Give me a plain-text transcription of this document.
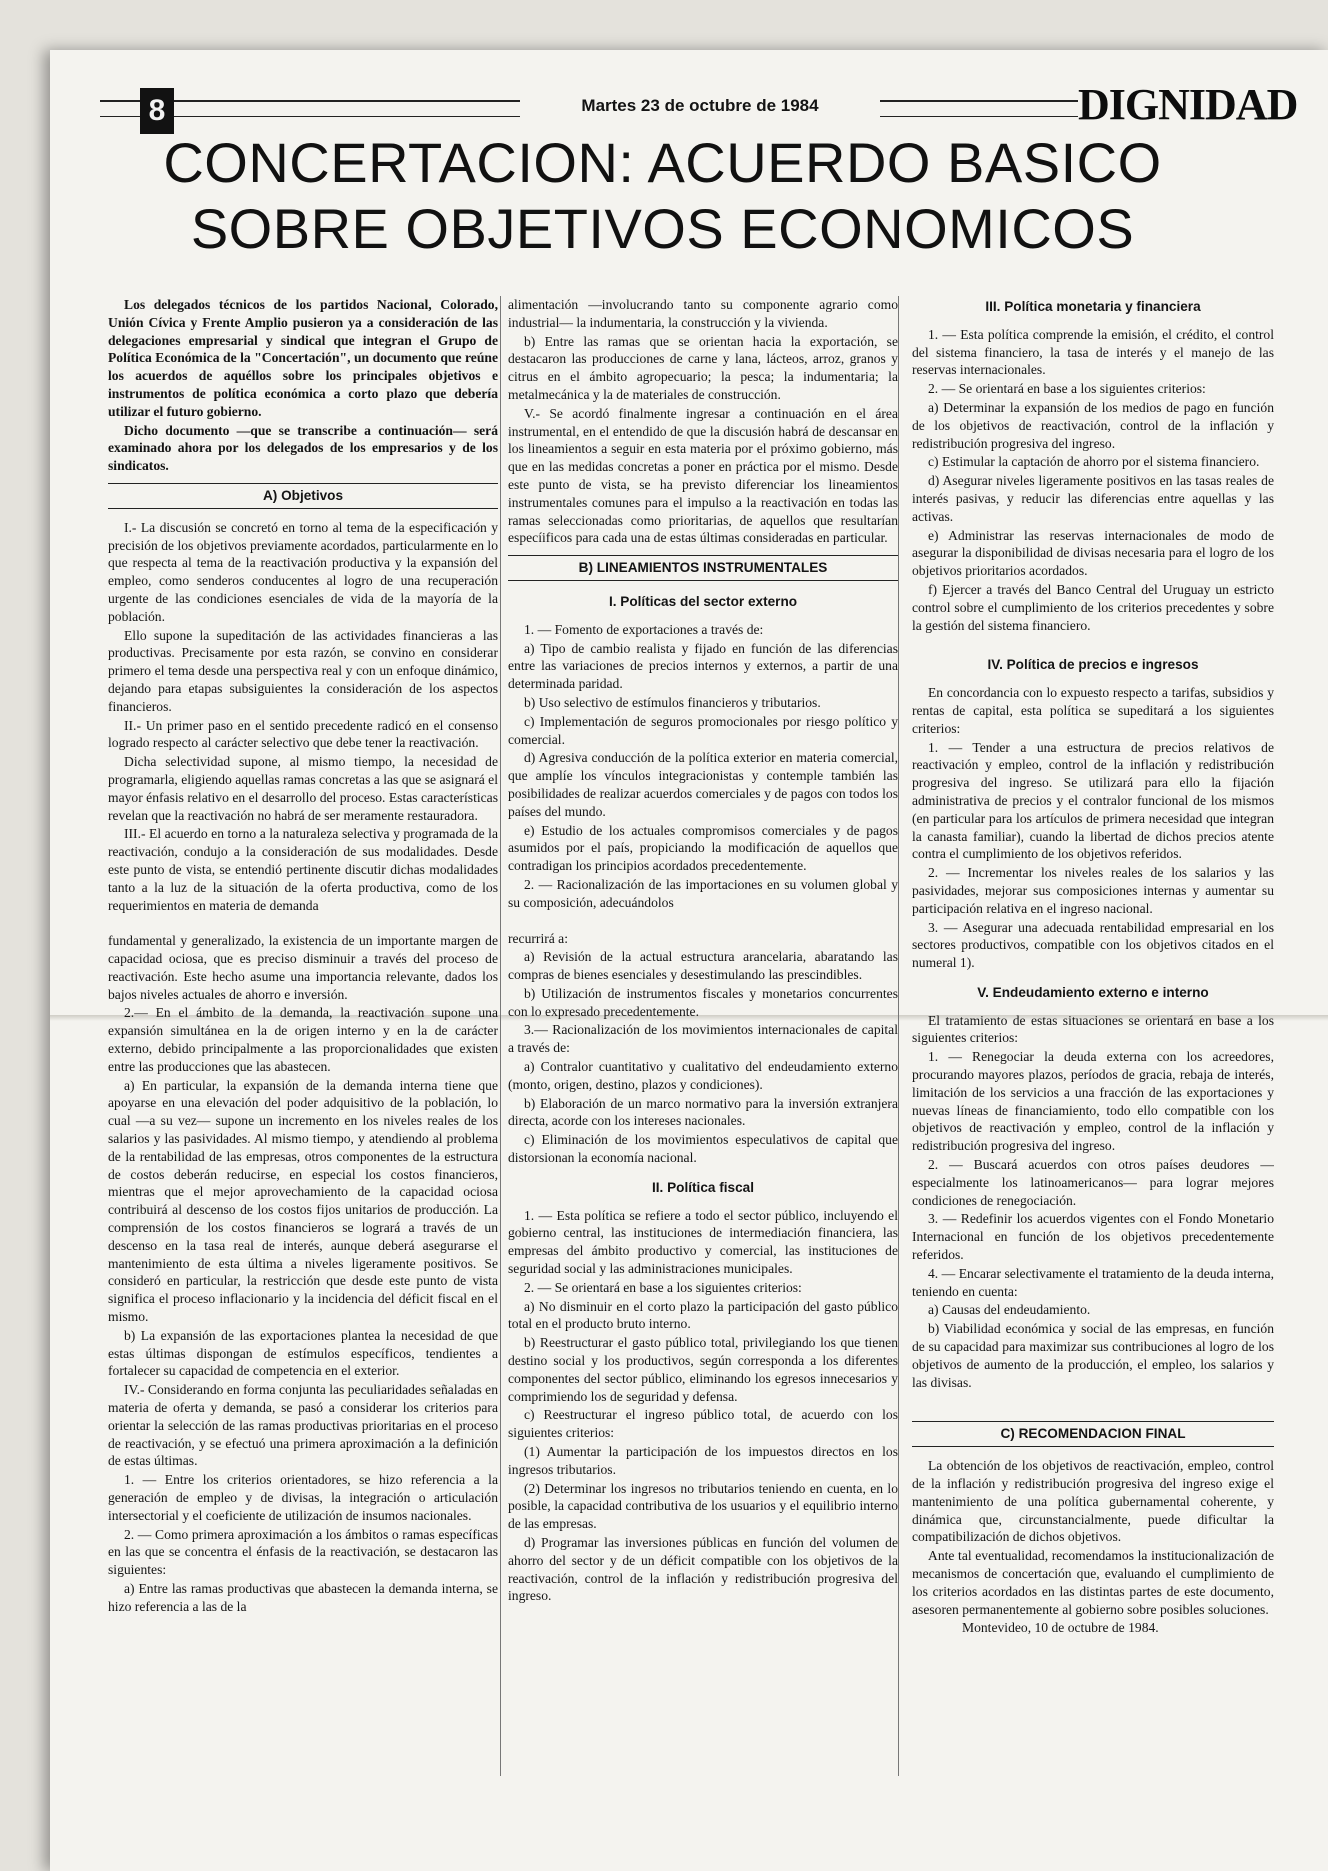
8	Martes 23 de octubre de 1984	DIGNIDAD
CONCERTACION: ACUERDO BASICO
SOBRE OBJETIVOS ECONOMICOS

Los delegados técnicos de los partidos Nacional, Colorado, Unión Cívica y Frente Amplio pusieron ya a consideración de las delegaciones empresarial y sindical que integran el Grupo de Política Económica de la "Concertación", un documento que reúne los acuerdos de aquéllos sobre los principales objetivos e instrumentos de política económica a corto plazo que debería utilizar el futuro gobierno.

Dicho documento —que se transcribe a continuación— será examinado ahora por los delegados de los empresarios y de los sindicatos.

A) Objetivos

I.- La discusión se concretó en torno al tema de la especificación y precisión de los objetivos previamente acordados, particularmente en lo que respecta al tema de la reactivación productiva y la expansión del empleo, como senderos conducentes al logro de una recuperación urgente de las condiciones esenciales de vida de la mayoría de la población.

Ello supone la supeditación de las actividades financieras a las productivas. Precisamente por esta razón, se convino en considerar primero el tema desde una perspectiva real y con un enfoque dinámico, dejando para etapas subsiguientes la consideración de los aspectos financieros.

II.- Un primer paso en el sentido precedente radicó en el consenso logrado respecto al carácter selectivo que debe tener la reactivación.

Dicha selectividad supone, al mismo tiempo, la necesidad de programarla, eligiendo aquellas ramas concretas a las que se asignará el mayor énfasis relativo en el desarrollo del proceso. Estas características revelan que la reactivación no habrá de ser meramente restauradora.

III.- El acuerdo en torno a la naturaleza selectiva y programada de la reactivación, condujo a la consideración de sus modalidades. Desde este punto de vista, se entendió pertinente discutir dichas modalidades tanto a la luz de la situación de la oferta productiva, como de los requerimientos en materia de demanda

fundamental y generalizado, la existencia de un importante margen de capacidad ociosa, que es preciso disminuir a través del proceso de reactivación. Este hecho asume una importancia relevante, dados los bajos niveles actuales de ahorro e inversión.

2.— En el ámbito de la demanda, la reactivación supone una expansión simultánea en la de origen interno y en la de carácter externo, debido principalmente a las proporcionalidades que existen entre las producciones que las abastecen.

a) En particular, la expansión de la demanda interna tiene que apoyarse en una elevación del poder adquisitivo de la población, lo cual —a su vez— supone un incremento en los niveles reales de los salarios y las pasividades. Al mismo tiempo, y atendiendo al problema de la rentabilidad de las empresas, otros componentes de la estructura de costos deberán reducirse, en especial los costos financieros, mientras que el mejor aprovechamiento de la capacidad ociosa contribuirá al descenso de los costos fijos unitarios de producción. La comprensión de los costos financieros se logrará a través de un descenso en la tasa real de interés, aunque deberá asegurarse el mantenimiento de esta última a niveles ligeramente positivos. Se consideró en particular, la restricción que desde este punto de vista significa el proceso inflacionario y la incidencia del déficit fiscal en el mismo.

b) La expansión de las exportaciones plantea la necesidad de que estas últimas dispongan de estímulos específicos, tendientes a fortalecer su capacidad de competencia en el exterior.

IV.- Considerando en forma conjunta las peculiaridades señaladas en materia de oferta y demanda, se pasó a considerar los criterios para orientar la selección de las ramas productivas prioritarias en el proceso de reactivación, y se efectuó una primera aproximación a la definición de estas últimas.

1. — Entre los criterios orientadores, se hizo referencia a la generación de empleo y de divisas, la integración o articulación intersectorial y el coeficiente de utilización de insumos nacionales.

2. — Como primera aproximación a los ámbitos o ramas específicas en las que se concentra el énfasis de la reactivación, se destacaron las siguientes:

a) Entre las ramas productivas que abastecen la demanda interna, se hizo referencia a las de la

alimentación —involucrando tanto su componente agrario como industrial— la indumentaria, la construcción y la vivienda.

b) Entre las ramas que se orientan hacia la exportación, se destacaron las producciones de carne y lana, lácteos, arroz, granos y citrus en el ámbito agropecuario; la pesca; la indumentaria; la metalmecánica y la de materiales de construcción.

V.- Se acordó finalmente ingresar a continuación en el área instrumental, en el entendido de que la discusión habrá de descansar en los lineamientos a seguir en esta materia por el próximo gobierno, más que en las medidas concretas a poner en práctica por el mismo. Desde este punto de vista, se ha previsto diferenciar los lineamientos instrumentales comunes para el impulso a la reactivación en todas las ramas seleccionadas como prioritarias, de aquellos que resultarían especíificos para cada una de estas últimas consideradas en particular.

B) LINEAMIENTOS INSTRUMENTALES
I. Políticas del sector externo

1. — Fomento de exportaciones a través de:

a) Tipo de cambio realista y fijado en función de las diferencias entre las variaciones de precios internos y externos, a partir de una determinada paridad.

b) Uso selectivo de estímulos financieros y tributarios.

c) Implementación de seguros promocionales por riesgo político y comercial.

d) Agresiva conducción de la política exterior en materia comercial, que amplíe los vínculos integracionistas y contemple también las posibilidades de realizar acuerdos comerciales y de pagos con todos los países del mundo.

e) Estudio de los actuales compromisos comerciales y de pagos asumidos por el país, propiciando la modificación de aquellos que contradigan los principios acordados precedentemente.

2. — Racionalización de las importaciones en su volumen global y su composición, adecuándolos

recurrirá a:

a) Revisión de la actual estructura arancelaria, abaratando las compras de bienes esenciales y desestimulando las prescindibles.

b) Utilización de instrumentos fiscales y monetarios concurrentes con lo expresado precedentemente.

3.— Racionalización de los movimientos internacionales de capital a través de:

a) Contralor cuantitativo y cualitativo del endeudamiento externo (monto, origen, destino, plazos y condiciones).

b) Elaboración de un marco normativo para la inversión extranjera directa, acorde con los intereses nacionales.

c) Eliminación de los movimientos especulativos de capital que distorsionan la economía nacional.

II. Política fiscal

1. — Esta política se refiere a todo el sector público, incluyendo el gobierno central, las instituciones de intermediación financiera, las empresas del ámbito productivo y comercial, las instituciones de seguridad social y las administraciones municipales.

2. — Se orientará en base a los siguientes criterios:

a) No disminuir en el corto plazo la participación del gasto público total en el producto bruto interno.

b) Reestructurar el gasto público total, privilegiando los que tienen destino social y los productivos, según corresponda a los diferentes componentes del sector público, eliminando los egresos innecesarios y comprimiendo los de seguridad y defensa.

c) Reestructurar el ingreso público total, de acuerdo con los siguientes criterios:

(1) Aumentar la participación de los impuestos directos en los ingresos tributarios.

(2) Determinar los ingresos no tributarios teniendo en cuenta, en lo posible, la capacidad contributiva de los usuarios y el equilibrio interno de las empresas.

d) Programar las inversiones públicas en función del volumen de ahorro del sector y de un déficit compatible con los objetivos de la reactivación, control de la inflación y redistribución progresiva del ingreso.

III. Política monetaria y financiera

1. — Esta política comprende la emisión, el crédito, el control del sistema financiero, la tasa de interés y el manejo de las reservas internacionales.

2. — Se orientará en base a los siguientes criterios:

a) Determinar la expansión de los medios de pago en función de los objetivos de reactivación, control de la inflación y redistribución progresiva del ingreso.

c) Estimular la captación de ahorro por el sistema financiero.

d) Asegurar niveles ligeramente positivos en las tasas reales de interés pasivas, y reducir las diferencias entre aquellas y las activas.

e) Administrar las reservas internacionales de modo de asegurar la disponibilidad de divisas necesaria para el logro de los objetivos prioritarios acordados.

f) Ejercer a través del Banco Central del Uruguay un estricto control sobre el cumplimiento de los criterios precedentes y sobre la gestión del sistema financiero.

IV. Política de precios e ingresos

En concordancia con lo expuesto respecto a tarifas, subsidios y rentas de capital, esta política se supeditará a los siguientes criterios:

1. — Tender a una estructura de precios relativos de reactivación y empleo, control de la inflación y redistribución progresiva del ingreso. Se utilizará para ello la fijación administrativa de precios y el contralor funcional de los mismos (en particular para los artículos de primera necesidad que integran la canasta familiar), cuando la libertad de dichos precios atente contra el cumplimiento de los objetivos referidos.

2. — Incrementar los niveles reales de los salarios y las pasividades, mejorar sus composiciones internas y aumentar su participación relativa en el ingreso nacional.

3. — Asegurar una adecuada rentabilidad empresarial en los sectores productivos, compatible con los objetivos citados en el numeral 1).

V. Endeudamiento externo e interno

El tratamiento de estas situaciones se orientará en base a los siguientes criterios:

1. — Renegociar la deuda externa con los acreedores, procurando mayores plazos, períodos de gracia, rebaja de interés, limitación de los servicios a una fracción de las exportaciones y nuevas líneas de financiamiento, todo ello compatible con los objetivos de reactivación y empleo, control de la inflación y redistribución progresiva del ingreso.

2. — Buscará acuerdos con otros países deudores —especialmente los latinoamericanos— para lograr mejores condiciones de renegociación.

3. — Redefinir los acuerdos vigentes con el Fondo Monetario Internacional en función de los objetivos precedentemente referidos.

4. — Encarar selectivamente el tratamiento de la deuda interna, teniendo en cuenta:

a) Causas del endeudamiento.

b) Viabilidad económica y social de las empresas, en función de su capacidad para maximizar sus contribuciones al logro de los objetivos de aumento de la producción, el empleo, los salarios y las divisas.

C) RECOMENDACION FINAL

La obtención de los objetivos de reactivación, empleo, control de la inflación y redistribución progresiva del ingreso exige el mantenimiento de una política gubernamental coherente, y dinámica que, circunstancialmente, puede dificultar la compatibilización de dichos objetivos.

Ante tal eventualidad, recomendamos la institucionalización de mecanismos de concertación que, evaluando el cumplimiento de los criterios acordados en las distintas partes de este documento, asesoren permanentemente al gobierno sobre posibles soluciones.

Montevideo, 10 de octubre de 1984.
